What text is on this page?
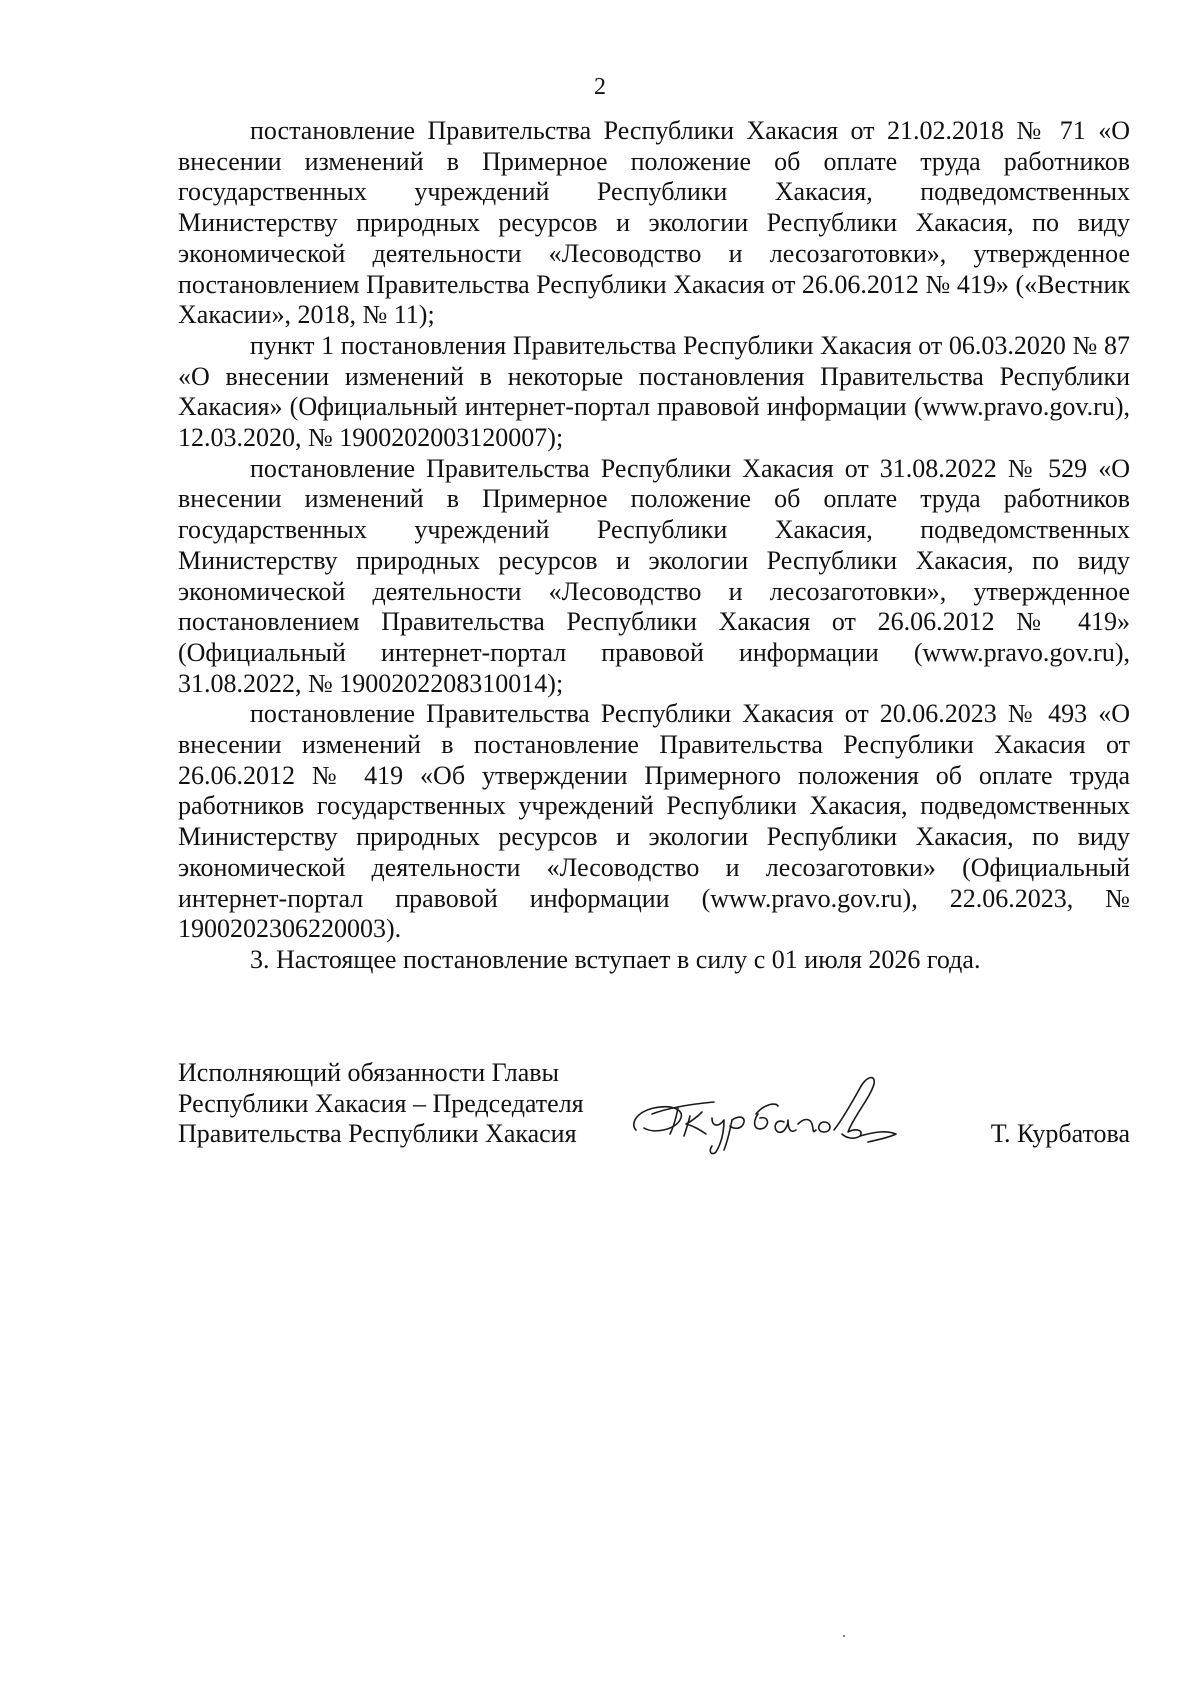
2

постановление Правительства Республики Хакасия от 21.02.2018 № 71 «О внесении изменений в Примерное положение об оплате труда работников государственных учреждений Республики Хакасия, подведомственных Министерству природных ресурсов и экологии Республики Хакасия, по виду экономической деятельности «Лесоводство и лесозаготовки», утвержденное постановлением Правительства Республики Хакасия от 26.06.2012 № 419» («Вестник Хакасии», 2018, № 11);

пункт 1 постановления Правительства Республики Хакасия от 06.03.2020 № 87 «О внесении изменений в некоторые постановления Правительства Республики Хакасия» (Официальный интернет-портал правовой информации (www.pravo.gov.ru), 12.03.2020, № 1900202003120007);

постановление Правительства Республики Хакасия от 31.08.2022 № 529 «О внесении изменений в Примерное положение об оплате труда работников государственных учреждений Республики Хакасия, подведомственных Министерству природных ресурсов и экологии Республики Хакасия, по виду экономической деятельности «Лесоводство и лесозаготовки», утвержденное постановлением Правительства Республики Хакасия от 26.06.2012 № 419» (Официальный интернет-портал правовой информации (www.pravo.gov.ru), 31.08.2022, № 1900202208310014);

постановление Правительства Республики Хакасия от 20.06.2023 № 493 «О внесении изменений в постановление Правительства Республики Хакасия от 26.06.2012 № 419 «Об утверждении Примерного положения об оплате труда работников государственных учреждений Республики Хакасия, подведомственных Министерству природных ресурсов и экологии Республики Хакасия, по виду экономической деятельности «Лесоводство и лесозаготовки» (Официальный интернет-портал правовой информации (www.pravo.gov.ru), 22.06.2023, № 1900202306220003).

3. Настоящее постановление вступает в силу с 01 июля 2026 года.

Исполняющий обязанности Главы
Республики Хакасия – Председателя
Правительства Республики Хакасия	Т. Курбатова
